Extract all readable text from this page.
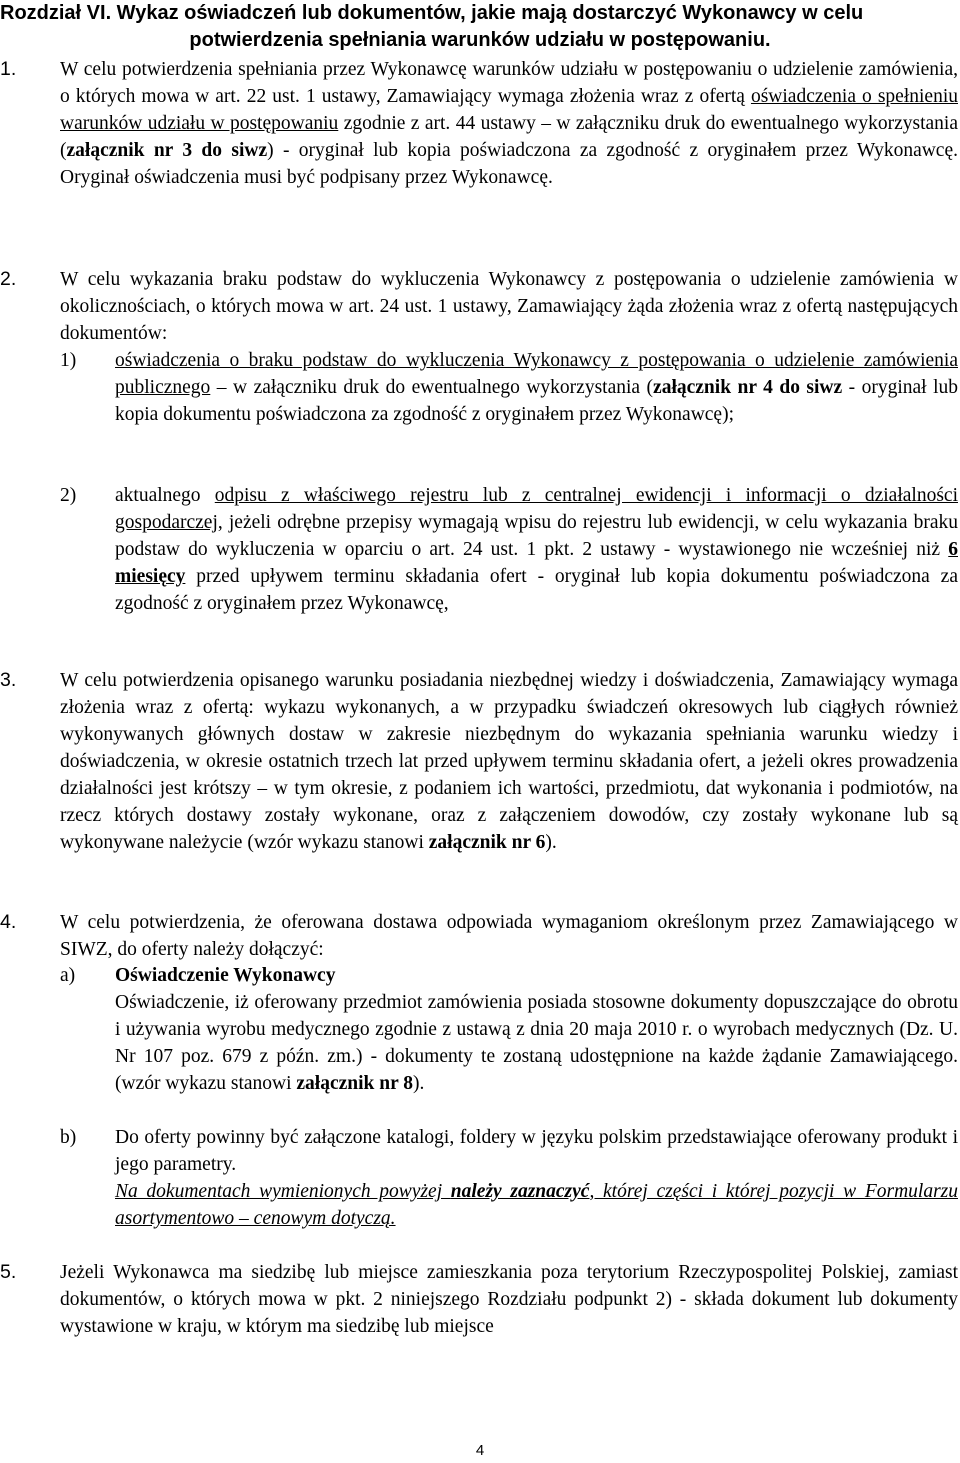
Rozdział VI. Wykaz oświadczeń lub dokumentów, jakie mają dostarczyć Wykonawcy w celu
potwierdzenia spełniania warunków udziału w postępowaniu.
1. W celu potwierdzenia spełniania przez Wykonawcę warunków udziału w postępowaniu o udzielenie zamówienia, o których mowa w art. 22 ust. 1 ustawy, Zamawiający wymaga złożenia wraz z ofertą oświadczenia o spełnieniu warunków udziału w postępowaniu zgodnie z art. 44 ustawy – w załączniku druk do ewentualnego wykorzystania (załącznik nr 3 do siwz) - oryginał lub kopia poświadczona za zgodność z oryginałem przez Wykonawcę. Oryginał oświadczenia musi być podpisany przez Wykonawcę.
2. W celu wykazania braku podstaw do wykluczenia Wykonawcy z postępowania o udzielenie zamówienia w okolicznościach, o których mowa w art. 24 ust. 1 ustawy, Zamawiający żąda złożenia wraz z ofertą następujących dokumentów:
1) oświadczenia o braku podstaw do wykluczenia Wykonawcy z postępowania o udzielenie zamówienia publicznego – w załączniku druk do ewentualnego wykorzystania (załącznik nr 4 do siwz - oryginał lub kopia dokumentu poświadczona za zgodność z oryginałem przez Wykonawcę);
2) aktualnego odpisu z właściwego rejestru lub z centralnej ewidencji i informacji o działalności gospodarczej, jeżeli odrębne przepisy wymagają wpisu do rejestru lub ewidencji, w celu wykazania braku podstaw do wykluczenia w oparciu o art. 24 ust. 1 pkt. 2 ustawy - wystawionego nie wcześniej niż 6 miesięcy przed upływem terminu składania ofert - oryginał lub kopia dokumentu poświadczona za zgodność z oryginałem przez Wykonawcę,
3. W celu potwierdzenia opisanego warunku posiadania niezbędnej wiedzy i doświadczenia, Zamawiający wymaga złożenia wraz z ofertą: wykazu wykonanych, a w przypadku świadczeń okresowych lub ciągłych również wykonywanych głównych dostaw w zakresie niezbędnym do wykazania spełniania warunku wiedzy i doświadczenia, w okresie ostatnich trzech lat przed upływem terminu składania ofert, a jeżeli okres prowadzenia działalności jest krótszy – w tym okresie, z podaniem ich wartości, przedmiotu, dat wykonania i podmiotów, na rzecz których dostawy zostały wykonane, oraz z załączeniem dowodów, czy zostały wykonane lub są wykonywane należycie (wzór wykazu stanowi załącznik nr 6).
4. W celu potwierdzenia, że oferowana dostawa odpowiada wymaganiom określonym przez Zamawiającego w SIWZ, do oferty należy dołączyć:
a) Oświadczenie Wykonawcy
Oświadczenie, iż oferowany przedmiot zamówienia posiada stosowne dokumenty dopuszczające do obrotu i używania wyrobu medycznego zgodnie z ustawą z dnia 20 maja 2010 r. o wyrobach medycznych (Dz. U. Nr 107 poz. 679 z późn. zm.) - dokumenty te zostaną udostępnione na każde żądanie Zamawiającego. (wzór wykazu stanowi załącznik nr 8).
b) Do oferty powinny być załączone katalogi, foldery w języku polskim przedstawiające oferowany produkt i jego parametry.
Na dokumentach wymienionych powyżej należy zaznaczyć, której części i której pozycji w Formularzu asortymentowo – cenowym dotyczą.
5. Jeżeli Wykonawca ma siedzibę lub miejsce zamieszkania poza terytorium Rzeczypospolitej Polskiej, zamiast dokumentów, o których mowa w pkt. 2 niniejszego Rozdziału podpunkt 2) - składa dokument lub dokumenty wystawione w kraju, w którym ma siedzibę lub miejsce
4
